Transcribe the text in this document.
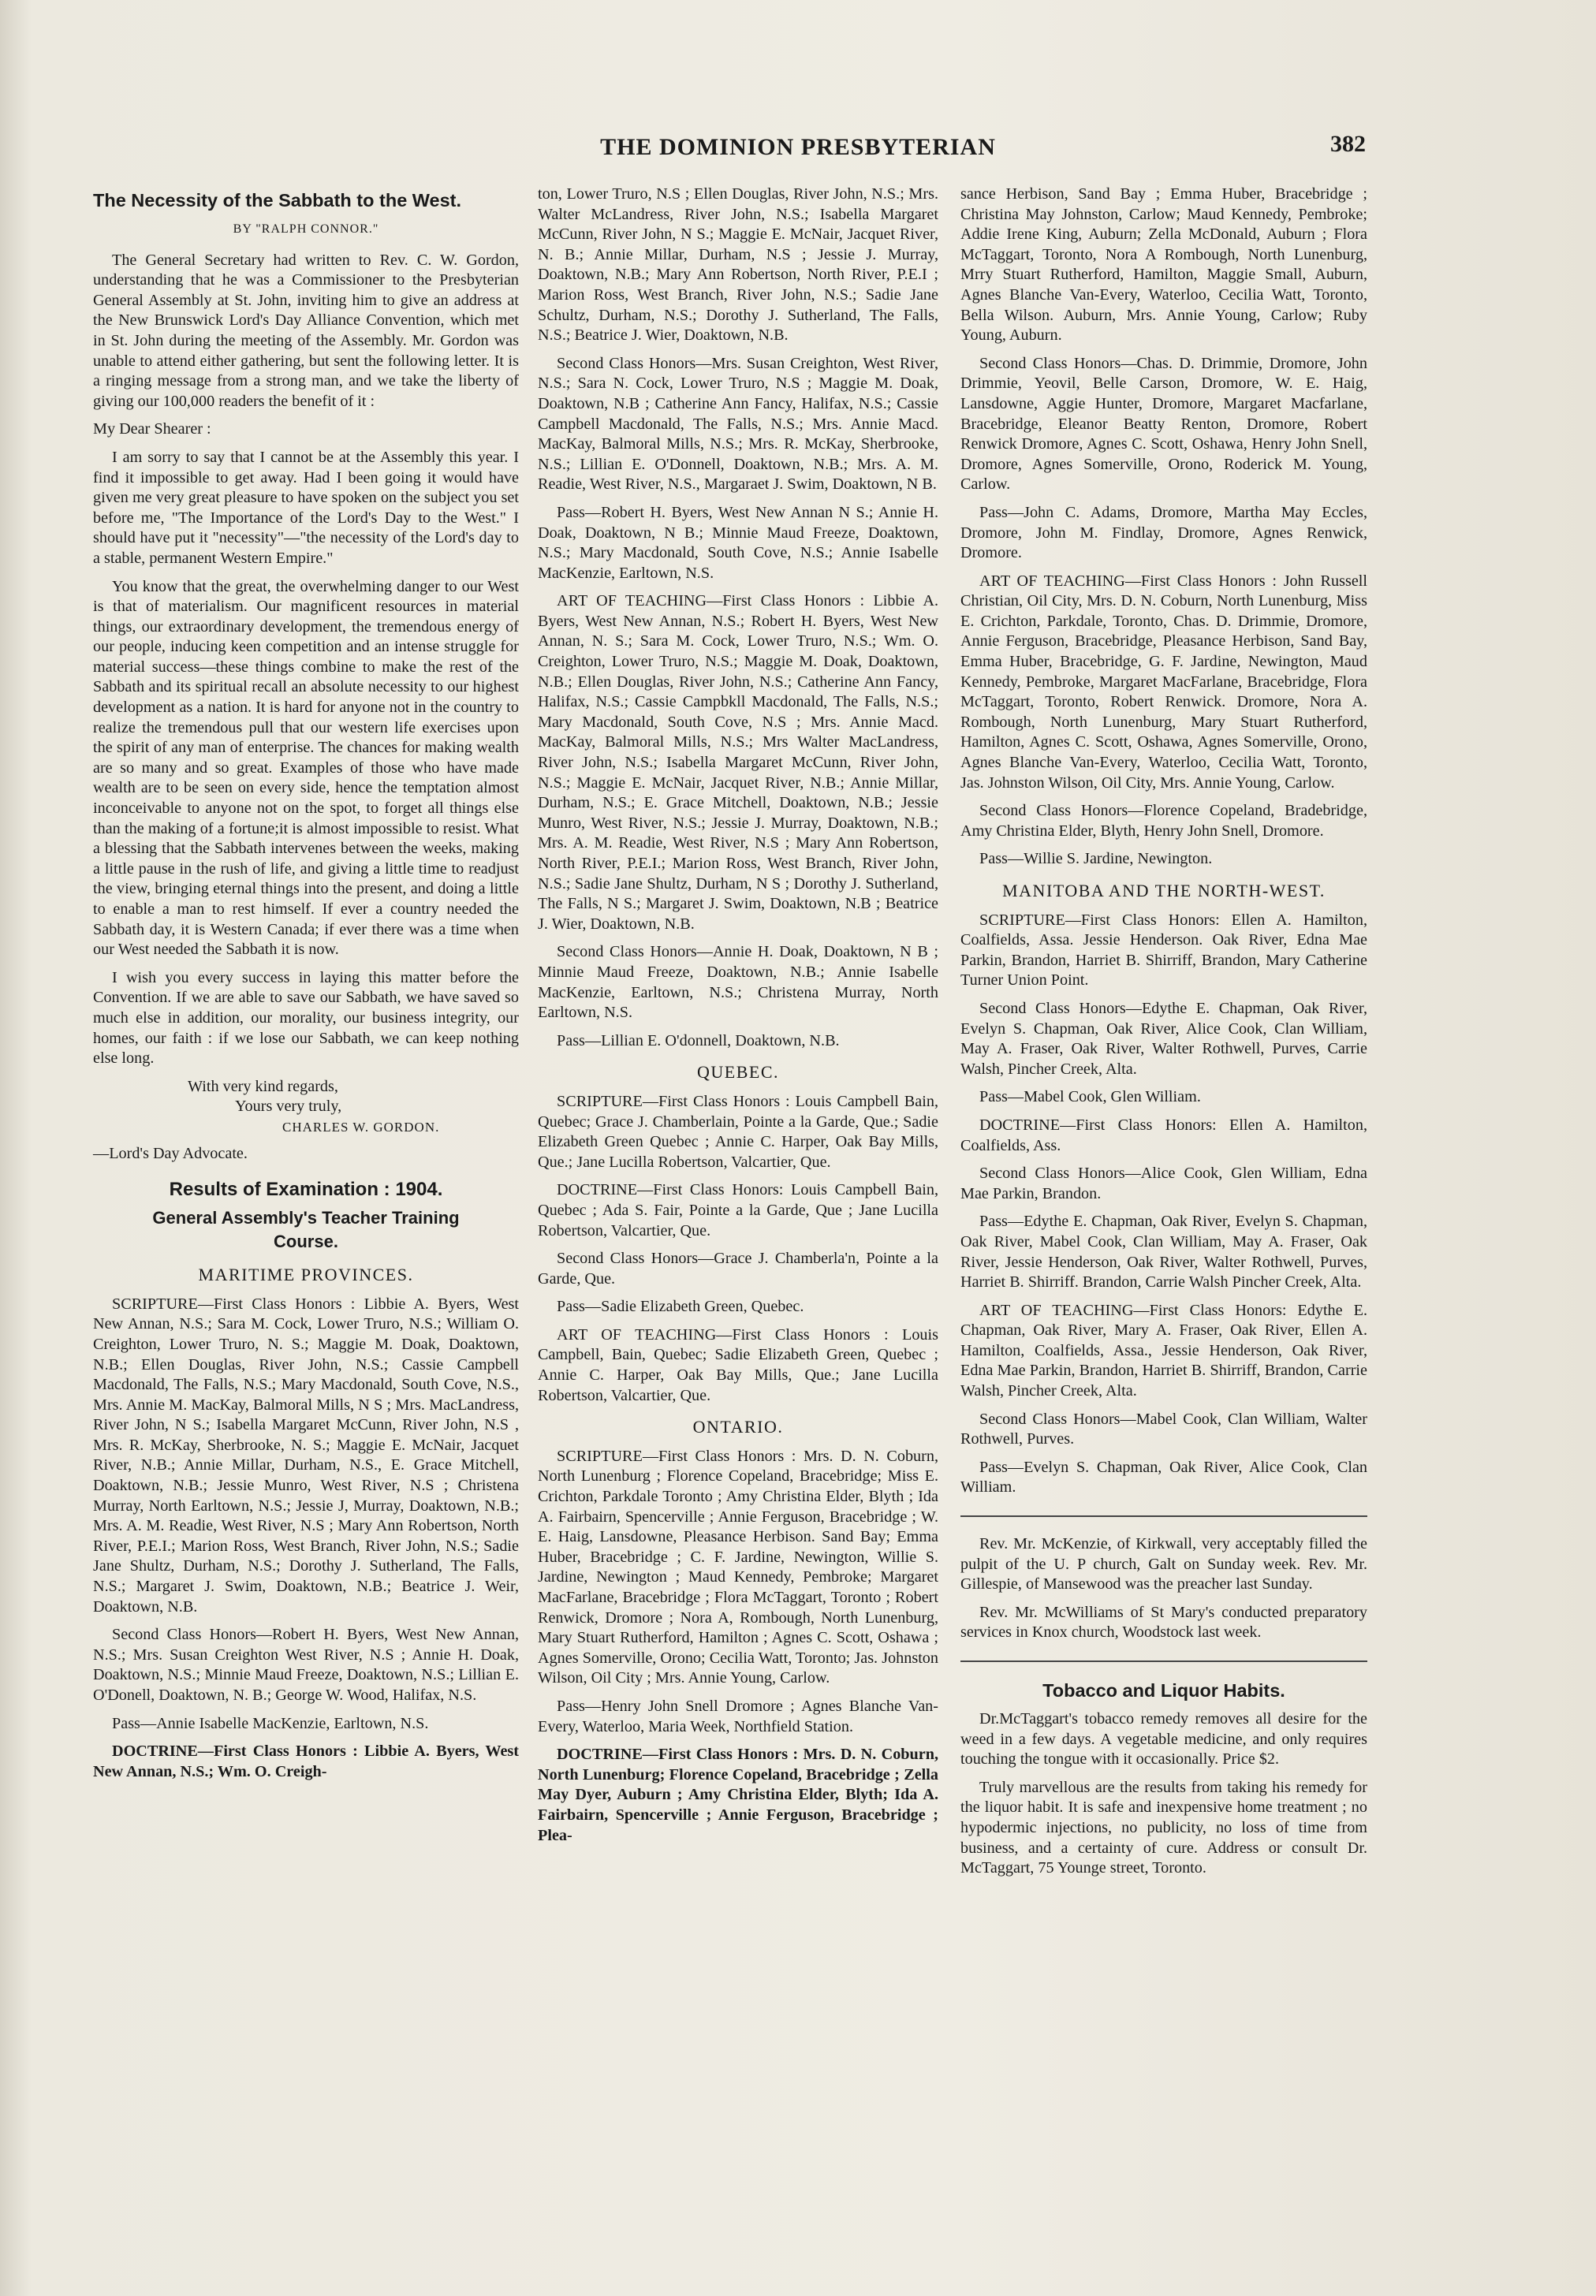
THE DOMINION PRESBYTERIAN	382
The Necessity of the Sabbath to the West.

BY "RALPH CONNOR."

The General Secretary had written to Rev. C. W. Gordon, understanding that he was a Commissioner to the Presbyterian General Assembly at St. John, inviting him to give an address at the New Brunswick Lord's Day Alliance Convention, which met in St. John during the meeting of the Assembly. Mr. Gordon was unable to attend either gathering, but sent the following letter. It is a ringing message from a strong man, and we take the liberty of giving our 100,000 readers the benefit of it :

My Dear Shearer :

I am sorry to say that I cannot be at the Assembly this year. I find it impossible to get away. Had I been going it would have given me very great pleasure to have spoken on the subject you set before me, "The Importance of the Lord's Day to the West." I should have put it "necessity"—"the necessity of the Lord's day to a stable, permanent Western Empire."

You know that the great, the overwhelming danger to our West is that of materialism. Our magnificent resources in material things, our extraordinary development, the tremendous energy of our people, inducing keen competition and an intense struggle for material success—these things combine to make the rest of the Sabbath and its spiritual recall an absolute necessity to our highest development as a nation. It is hard for anyone not in the country to realize the tremendous pull that our western life exercises upon the spirit of any man of enterprise. The chances for making wealth are so many and so great. Examples of those who have made wealth are to be seen on every side, hence the temptation almost inconceivable to anyone not on the spot, to forget all things else than the making of a fortune;it is almost impossible to resist. What a blessing that the Sabbath intervenes between the weeks, making a little pause in the rush of life, and giving a little time to readjust the view, bringing eternal things into the present, and doing a little to enable a man to rest himself. If ever a country needed the Sabbath day, it is Western Canada; if ever there was a time when our West needed the Sabbath it is now.

I wish you every success in laying this matter before the Convention. If we are able to save our Sabbath, we have saved so much else in addition, our morality, our business integrity, our homes, our faith : if we lose our Sabbath, we can keep nothing else long.

With very kind regards,

Yours very truly,

CHARLES W. GORDON.

—Lord's Day Advocate.

Results of Examination : 1904.
General Assembly's Teacher Training
Course.

MARITIME PROVINCES.

SCRIPTURE—First Class Honors : Libbie A. Byers, West New Annan, N.S.; Sara M. Cock, Lower Truro, N.S.; William O. Creighton, Lower Truro, N. S.; Maggie M. Doak, Doaktown, N.B.; Ellen Douglas, River John, N.S.; Cassie Campbell Macdonald, The Falls, N.S.; Mary Macdonald, South Cove, N.S., Mrs. Annie M. MacKay, Balmoral Mills, N S ; Mrs. MacLandress, River John, N S.; Isabella Margaret McCunn, River John, N.S , Mrs. R. McKay, Sherbrooke, N. S.; Maggie E. McNair, Jacquet River, N.B.; Annie Millar, Durham, N.S., E. Grace Mitchell, Doaktown, N.B.; Jessie Munro, West River, N.S ; Christena Murray, North Earltown, N.S.; Jessie J, Murray, Doaktown, N.B.; Mrs. A. M. Readie, West River, N.S ; Mary Ann Robertson, North River, P.E.I.; Marion Ross, West Branch, River John, N.S.; Sadie Jane Shultz, Durham, N.S.; Dorothy J. Sutherland, The Falls, N.S.; Margaret J. Swim, Doaktown, N.B.; Beatrice J. Weir, Doaktown, N.B.

Second Class Honors—Robert H. Byers, West New Annan, N.S.; Mrs. Susan Creighton West River, N.S ; Annie H. Doak, Doaktown, N.S.; Minnie Maud Freeze, Doaktown, N.S.; Lillian E. O'Donell, Doaktown, N. B.; George W. Wood, Halifax, N.S.

Pass—Annie Isabelle MacKenzie, Earltown, N.S.

DOCTRINE—First Class Honors : Libbie A. Byers, West New Annan, N.S.; Wm. O. Creigh-

ton, Lower Truro, N.S ; Ellen Douglas, River John, N.S.; Mrs. Walter McLandress, River John, N.S.; Isabella Margaret McCunn, River John, N S.; Maggie E. McNair, Jacquet River, N. B.; Annie Millar, Durham, N.S ; Jessie J. Murray, Doaktown, N.B.; Mary Ann Robertson, North River, P.E.I ; Marion Ross, West Branch, River John, N.S.; Sadie Jane Schultz, Durham, N.S.; Dorothy J. Sutherland, The Falls, N.S.; Beatrice J. Wier, Doaktown, N.B.

Second Class Honors—Mrs. Susan Creighton, West River, N.S.; Sara N. Cock, Lower Truro, N.S ; Maggie M. Doak, Doaktown, N.B ; Catherine Ann Fancy, Halifax, N.S.; Cassie Campbell Macdonald, The Falls, N.S.; Mrs. Annie Macd. MacKay, Balmoral Mills, N.S.; Mrs. R. McKay, Sherbrooke, N.S.; Lillian E. O'Donnell, Doaktown, N.B.; Mrs. A. M. Readie, West River, N.S., Margaraet J. Swim, Doaktown, N B.

Pass—Robert H. Byers, West New Annan N S.; Annie H. Doak, Doaktown, N B.; Minnie Maud Freeze, Doaktown, N.S.; Mary Macdonald, South Cove, N.S.; Annie Isabelle MacKenzie, Earltown, N.S.

ART OF TEACHING—First Class Honors : Libbie A. Byers, West New Annan, N.S.; Robert H. Byers, West New Annan, N. S.; Sara M. Cock, Lower Truro, N.S.; Wm. O. Creighton, Lower Truro, N.S.; Maggie M. Doak, Doaktown, N.B.; Ellen Douglas, River John, N.S.; Catherine Ann Fancy, Halifax, N.S.; Cassie Campbkll Macdonald, The Falls, N.S.; Mary Macdonald, South Cove, N.S ; Mrs. Annie Macd. MacKay, Balmoral Mills, N.S.; Mrs Walter MacLandress, River John, N.S.; Isabella Margaret McCunn, River John, N.S.; Maggie E. McNair, Jacquet River, N.B.; Annie Millar, Durham, N.S.; E. Grace Mitchell, Doaktown, N.B.; Jessie Munro, West River, N.S.; Jessie J. Murray, Doaktown, N.B.; Mrs. A. M. Readie, West River, N.S ; Mary Ann Robertson, North River, P.E.I.; Marion Ross, West Branch, River John, N.S.; Sadie Jane Shultz, Durham, N S ; Dorothy J. Sutherland, The Falls, N S.; Margaret J. Swim, Doaktown, N.B ; Beatrice J. Wier, Doaktown, N.B.

Second Class Honors—Annie H. Doak, Doaktown, N B ; Minnie Maud Freeze, Doaktown, N.B.; Annie Isabelle MacKenzie, Earltown, N.S.; Christena Murray, North Earltown, N.S.

Pass—Lillian E. O'donnell, Doaktown, N.B.

QUEBEC.

SCRIPTURE—First Class Honors : Louis Campbell Bain, Quebec; Grace J. Chamberlain, Pointe a la Garde, Que.; Sadie Elizabeth Green Quebec ; Annie C. Harper, Oak Bay Mills, Que.; Jane Lucilla Robertson, Valcartier, Que.

DOCTRINE—First Class Honors: Louis Campbell Bain, Quebec ; Ada S. Fair, Pointe a la Garde, Que ; Jane Lucilla Robertson, Valcartier, Que.

Second Class Honors—Grace J. Chamberla'n, Pointe a la Garde, Que.

Pass—Sadie Elizabeth Green, Quebec.

ART OF TEACHING—First Class Honors : Louis Campbell, Bain, Quebec; Sadie Elizabeth Green, Quebec ; Annie C. Harper, Oak Bay Mills, Que.; Jane Lucilla Robertson, Valcartier, Que.

ONTARIO.

SCRIPTURE—First Class Honors : Mrs. D. N. Coburn, North Lunenburg ; Florence Copeland, Bracebridge; Miss E. Crichton, Parkdale Toronto ; Amy Christina Elder, Blyth ; Ida A. Fairbairn, Spencerville ; Annie Ferguson, Bracebridge ; W. E. Haig, Lansdowne, Pleasance Herbison. Sand Bay; Emma Huber, Bracebridge ; C. F. Jardine, Newington, Willie S. Jardine, Newington ; Maud Kennedy, Pembroke; Margaret MacFarlane, Bracebridge ; Flora McTaggart, Toronto ; Robert Renwick, Dromore ; Nora A, Rombough, North Lunenburg, Mary Stuart Rutherford, Hamilton ; Agnes C. Scott, Oshawa ; Agnes Somerville, Orono; Cecilia Watt, Toronto; Jas. Johnston Wilson, Oil City ; Mrs. Annie Young, Carlow.

Pass—Henry John Snell Dromore ; Agnes Blanche Van-Every, Waterloo, Maria Week, Northfield Station.

DOCTRINE—First Class Honors : Mrs. D. N. Coburn, North Lunenburg; Florence Copeland, Bracebridge ; Zella May Dyer, Auburn ; Amy Christina Elder, Blyth; Ida A. Fairbairn, Spencerville ; Annie Ferguson, Bracebridge ; Plea-

sance Herbison, Sand Bay ; Emma Huber, Bracebridge ; Christina May Johnston, Carlow; Maud Kennedy, Pembroke; Addie Irene King, Auburn; Zella McDonald, Auburn ; Flora McTaggart, Toronto, Nora A Rombough, North Lunenburg, Mrry Stuart Rutherford, Hamilton, Maggie Small, Auburn, Agnes Blanche Van-Every, Waterloo, Cecilia Watt, Toronto, Bella Wilson. Auburn, Mrs. Annie Young, Carlow; Ruby Young, Auburn.

Second Class Honors—Chas. D. Drimmie, Dromore, John Drimmie, Yeovil, Belle Carson, Dromore, W. E. Haig, Lansdowne, Aggie Hunter, Dromore, Margaret Macfarlane, Bracebridge, Eleanor Beatty Renton, Dromore, Robert Renwick Dromore, Agnes C. Scott, Oshawa, Henry John Snell, Dromore, Agnes Somerville, Orono, Roderick M. Young, Carlow.

Pass—John C. Adams, Dromore, Martha May Eccles, Dromore, John M. Findlay, Dromore, Agnes Renwick, Dromore.

ART OF TEACHING—First Class Honors : John Russell Christian, Oil City, Mrs. D. N. Coburn, North Lunenburg, Miss E. Crichton, Parkdale, Toronto, Chas. D. Drimmie, Dromore, Annie Ferguson, Bracebridge, Pleasance Herbison, Sand Bay, Emma Huber, Bracebridge, G. F. Jardine, Newington, Maud Kennedy, Pembroke, Margaret MacFarlane, Bracebridge, Flora McTaggart, Toronto, Robert Renwick. Dromore, Nora A. Rombough, North Lunenburg, Mary Stuart Rutherford, Hamilton, Agnes C. Scott, Oshawa, Agnes Somerville, Orono, Agnes Blanche Van-Every, Waterloo, Cecilia Watt, Toronto, Jas. Johnston Wilson, Oil City, Mrs. Annie Young, Carlow.

Second Class Honors—Florence Copeland, Bradebridge, Amy Christina Elder, Blyth, Henry John Snell, Dromore.

Pass—Willie S. Jardine, Newington.

MANITOBA AND THE NORTH-WEST.

SCRIPTURE—First Class Honors: Ellen A. Hamilton, Coalfields, Assa. Jessie Henderson. Oak River, Edna Mae Parkin, Brandon, Harriet B. Shirriff, Brandon, Mary Catherine Turner Union Point.

Second Class Honors—Edythe E. Chapman, Oak River, Evelyn S. Chapman, Oak River, Alice Cook, Clan William, May A. Fraser, Oak River, Walter Rothwell, Purves, Carrie Walsh, Pincher Creek, Alta.

Pass—Mabel Cook, Glen William.

DOCTRINE—First Class Honors: Ellen A. Hamilton, Coalfields, Ass.

Second Class Honors—Alice Cook, Glen William, Edna Mae Parkin, Brandon.

Pass—Edythe E. Chapman, Oak River, Evelyn S. Chapman, Oak River, Mabel Cook, Clan William, May A. Fraser, Oak River, Jessie Henderson, Oak River, Walter Rothwell, Purves, Harriet B. Shirriff. Brandon, Carrie Walsh Pincher Creek, Alta.

ART OF TEACHING—First Class Honors: Edythe E. Chapman, Oak River, Mary A. Fraser, Oak River, Ellen A. Hamilton, Coalfields, Assa., Jessie Henderson, Oak River, Edna Mae Parkin, Brandon, Harriet B. Shirriff, Brandon, Carrie Walsh, Pincher Creek, Alta.

Second Class Honors—Mabel Cook, Clan William, Walter Rothwell, Purves.

Pass—Evelyn S. Chapman, Oak River, Alice Cook, Clan William.

Rev. Mr. McKenzie, of Kirkwall, very acceptably filled the pulpit of the U. P church, Galt on Sunday week. Rev. Mr. Gillespie, of Mansewood was the preacher last Sunday.

Rev. Mr. McWilliams of St Mary's conducted preparatory services in Knox church, Woodstock last week.

Tobacco and Liquor Habits.

Dr.McTaggart's tobacco remedy removes all desire for the weed in a few days. A vegetable medicine, and only requires touching the tongue with it occasionally. Price $2.

Truly marvellous are the results from taking his remedy for the liquor habit. It is safe and inexpensive home treatment ; no hypodermic injections, no publicity, no loss of time from business, and a certainty of cure. Address or consult Dr. McTaggart, 75 Younge street, Toronto.
